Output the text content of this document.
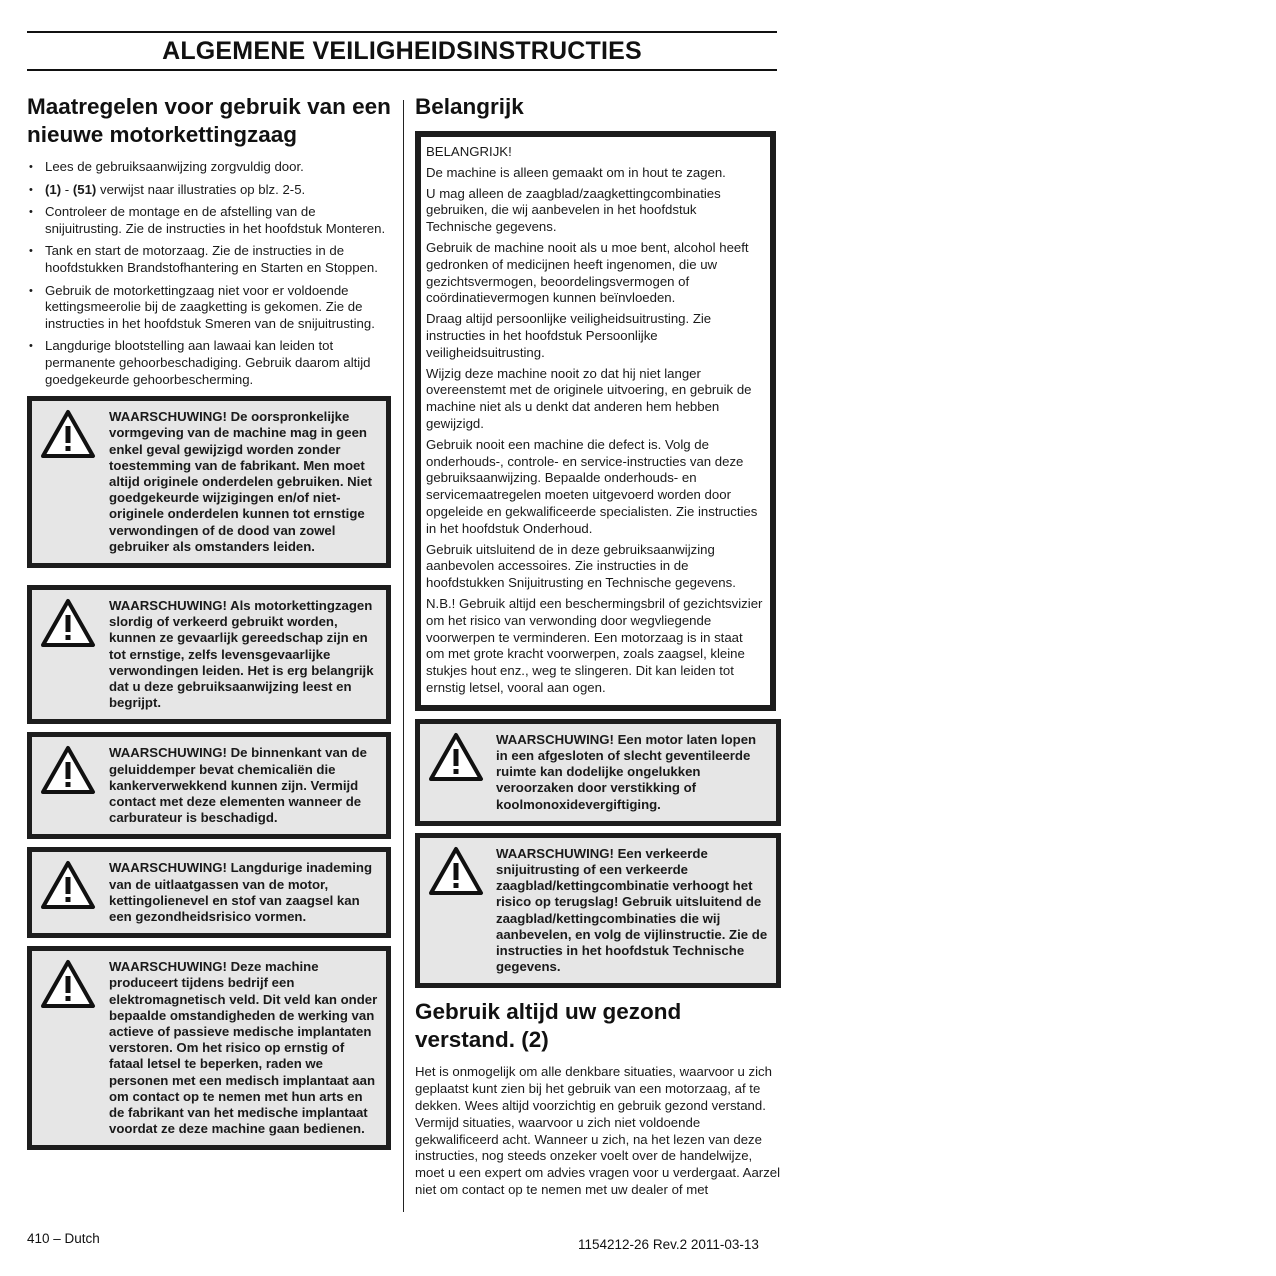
ALGEMENE VEILIGHEIDSINSTRUCTIES
Maatregelen voor gebruik van een nieuwe motorkettingzaag
• Lees de gebruiksaanwijzing zorgvuldig door.
• (1) - (51) verwijst naar illustraties op blz. 2-5.
• Controleer de montage en de afstelling van de snijuitrusting. Zie de instructies in het hoofdstuk Monteren.
• Tank en start de motorzaag. Zie de instructies in de hoofdstukken Brandstofhantering en Starten en Stoppen.
• Gebruik de motorkettingzaag niet voor er voldoende kettingsmeerolie bij de zaagketting is gekomen. Zie de instructies in het hoofdstuk Smeren van de snijuitrusting.
• Langdurige blootstelling aan lawaai kan leiden tot permanente gehoorbeschadiging. Gebruik daarom altijd goedgekeurde gehoorbescherming.

WAARSCHUWING! De oorspronkelijke vormgeving van de machine mag in geen enkel geval gewijzigd worden zonder toestemming van de fabrikant. Men moet altijd originele onderdelen gebruiken. Niet goedgekeurde wijzigingen en/of niet-originele onderdelen kunnen tot ernstige verwondingen of de dood van zowel gebruiker als omstanders leiden.

WAARSCHUWING! Als motorkettingzagen slordig of verkeerd gebruikt worden, kunnen ze gevaarlijk gereedschap zijn en tot ernstige, zelfs levensgevaarlijke verwondingen leiden. Het is erg belangrijk dat u deze gebruiksaanwijzing leest en begrijpt.

WAARSCHUWING! De binnenkant van de geluiddemper bevat chemicaliën die kankerverwekkend kunnen zijn. Vermijd contact met deze elementen wanneer de carburateur is beschadigd.

WAARSCHUWING! Langdurige inademing van de uitlaatgassen van de motor, kettingolienevel en stof van zaagsel kan een gezondheidsrisico vormen.

WAARSCHUWING! Deze machine produceert tijdens bedrijf een elektromagnetisch veld. Dit veld kan onder bepaalde omstandigheden de werking van actieve of passieve medische implantaten verstoren. Om het risico op ernstig of fataal letsel te beperken, raden we personen met een medisch implantaat aan om contact op te nemen met hun arts en de fabrikant van het medische implantaat voordat ze deze machine gaan bedienen.

Belangrijk

BELANGRIJK!

De machine is alleen gemaakt om in hout te zagen.

U mag alleen de zaagblad/zaagkettingcombinaties gebruiken, die wij aanbevelen in het hoofdstuk Technische gegevens.

Gebruik de machine nooit als u moe bent, alcohol heeft gedronken of medicijnen heeft ingenomen, die uw gezichtsvermogen, beoordelingsvermogen of coördinatievermogen kunnen beïnvloeden.

Draag altijd persoonlijke veiligheidsuitrusting. Zie instructies in het hoofdstuk Persoonlijke veiligheidsuitrusting.

Wijzig deze machine nooit zo dat hij niet langer overeenstemt met de originele uitvoering, en gebruik de machine niet als u denkt dat anderen hem hebben gewijzigd.

Gebruik nooit een machine die defect is. Volg de onderhouds-, controle- en service-instructies van deze gebruiksaanwijzing. Bepaalde onderhouds- en servicemaatregelen moeten uitgevoerd worden door opgeleide en gekwalificeerde specialisten. Zie instructies in het hoofdstuk Onderhoud.

Gebruik uitsluitend de in deze gebruiksaanwijzing aanbevolen accessoires. Zie instructies in de hoofdstukken Snijuitrusting en Technische gegevens.

N.B.! Gebruik altijd een beschermingsbril of gezichtsvizier om het risico van verwonding door wegvliegende voorwerpen te verminderen. Een motorzaag is in staat om met grote kracht voorwerpen, zoals zaagsel, kleine stukjes hout enz., weg te slingeren. Dit kan leiden tot ernstig letsel, vooral aan ogen.

WAARSCHUWING! Een motor laten lopen in een afgesloten of slecht geventileerde ruimte kan dodelijke ongelukken veroorzaken door verstikking of koolmonoxidevergiftiging.

WAARSCHUWING! Een verkeerde snijuitrusting of een verkeerde zaagblad/kettingcombinatie verhoogt het risico op terugslag! Gebruik uitsluitend de zaagblad/kettingcombinaties die wij aanbevelen, en volg de vijlinstructie. Zie de instructies in het hoofdstuk Technische gegevens.

Gebruik altijd uw gezond verstand. (2)

Het is onmogelijk om alle denkbare situaties, waarvoor u zich geplaatst kunt zien bij het gebruik van een motorzaag, af te dekken. Wees altijd voorzichtig en gebruik gezond verstand. Vermijd situaties, waarvoor u zich niet voldoende gekwalificeerd acht. Wanneer u zich, na het lezen van deze instructies, nog steeds onzeker voelt over de handelwijze, moet u een expert om advies vragen voor u verdergaat. Aarzel niet om contact op te nemen met uw dealer of met

410 – Dutch	1154212-26 Rev.2 2011-03-13
